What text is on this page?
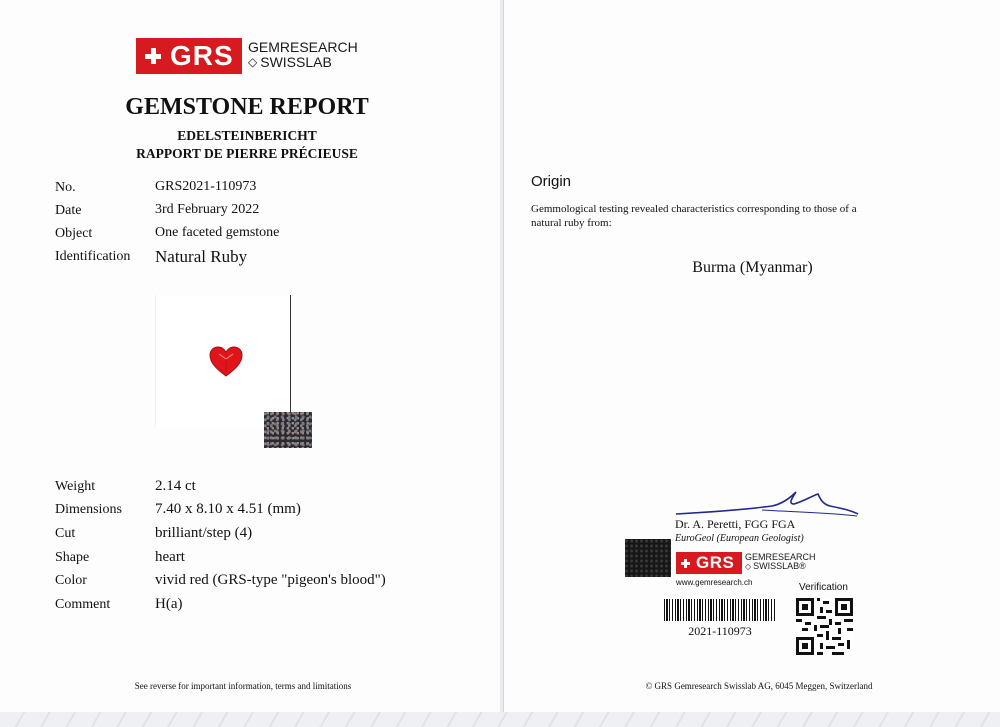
GRS GEMRESEARCH
◇ SWISSLAB
GEMSTONE REPORT
EDELSTEINBERICHT
RAPPORT DE PIERRE PRÉCIEUSE
No.	GRS2021-110973
Date	3rd February 2022
Object	One faceted gemstone
Identification Natural Ruby
Weight	2.14 ct
Dimensions 7.40 x 8.10 x 4.51 (mm)
Cut	brilliant/step (4)
Shape	heart
Color	vivid red (GRS-type "pigeon's blood")
Comment	H(a)
See reverse for important information, terms and limitations
Origin
Gemmological testing revealed characteristics corresponding to those of a natural ruby from:
Burma (Myanmar)
Dr. A. Peretti, FGG FGA
EuroGeol (European Geologist)
GRS GEMRESEARCH
◇ SWISSLAB®
www.gemresearch.ch
2021-110973
Verification
© GRS Gemresearch Swisslab AG, 6045 Meggen, Switzerland
